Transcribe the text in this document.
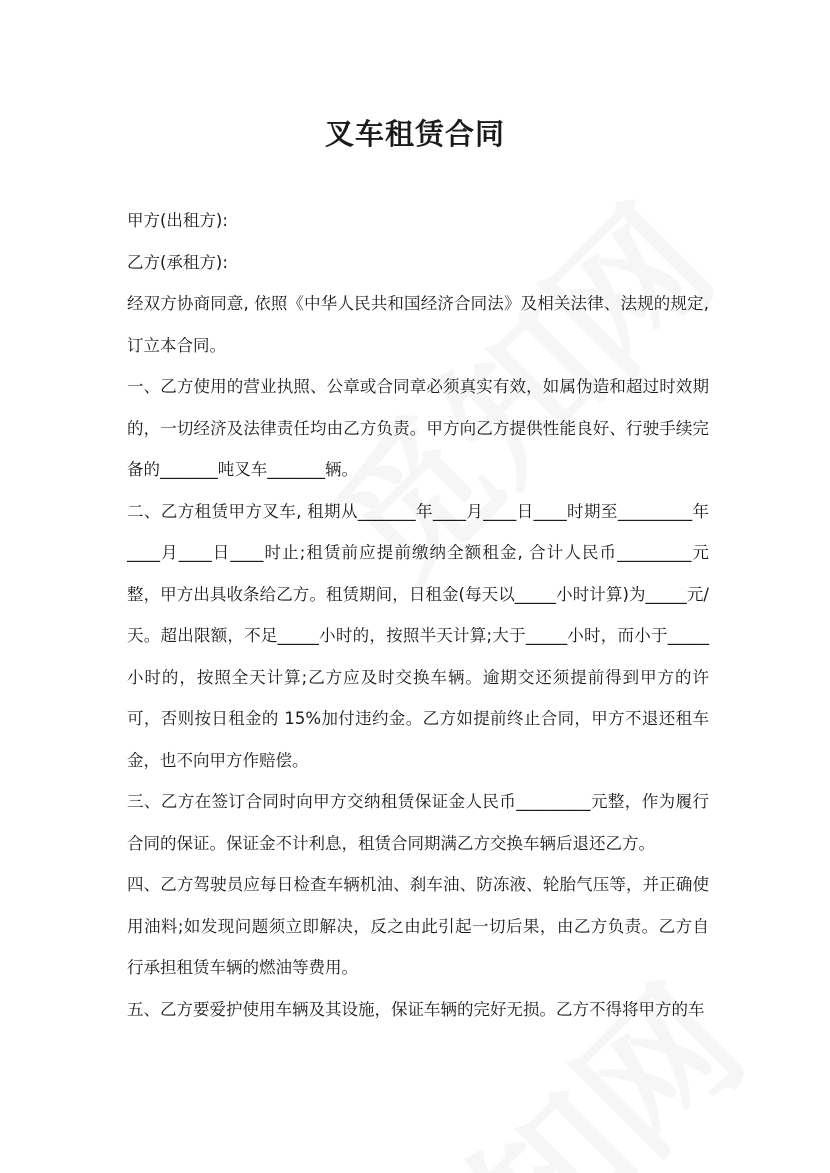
叉车租赁合同

甲方(出租方):

乙方(承租方):

经双方协商同意, 依照《中华人民共和国经济合同法》及相关法律、法规的规定, 订立本合同。

一、乙方使用的营业执照、公章或合同章必须真实有效，如属伪造和超过时效期的，一切经济及法律责任均由乙方负责。甲方向乙方提供性能良好、行驶手续完备的_______吨叉车_______辆。

二、乙方租赁甲方叉车, 租期从_______年____月____日____时期至_________年____月____日____时止;租赁前应提前缴纳全额租金, 合计人民币_________元整，甲方出具收条给乙方。租赁期间，日租金(每天以_____小时计算)为_____元/天。超出限额，不足_____小时的，按照半天计算;大于_____小时，而小于_____小时的，按照全天计算;乙方应及时交换车辆。逾期交还须提前得到甲方的许可，否则按日租金的 15%加付违约金。乙方如提前终止合同，甲方不退还租车金，也不向甲方作赔偿。

三、乙方在签订合同时向甲方交纳租赁保证金人民币_________元整，作为履行合同的保证。保证金不计利息，租赁合同期满乙方交换车辆后退还乙方。

四、乙方驾驶员应每日检查车辆机油、刹车油、防冻液、轮胎气压等，并正确使用油料;如发现问题须立即解决，反之由此引起一切后果，由乙方负责。乙方自行承担租赁车辆的燃油等费用。

五、乙方要爱护使用车辆及其设施，保证车辆的完好无损。乙方不得将甲方的车
